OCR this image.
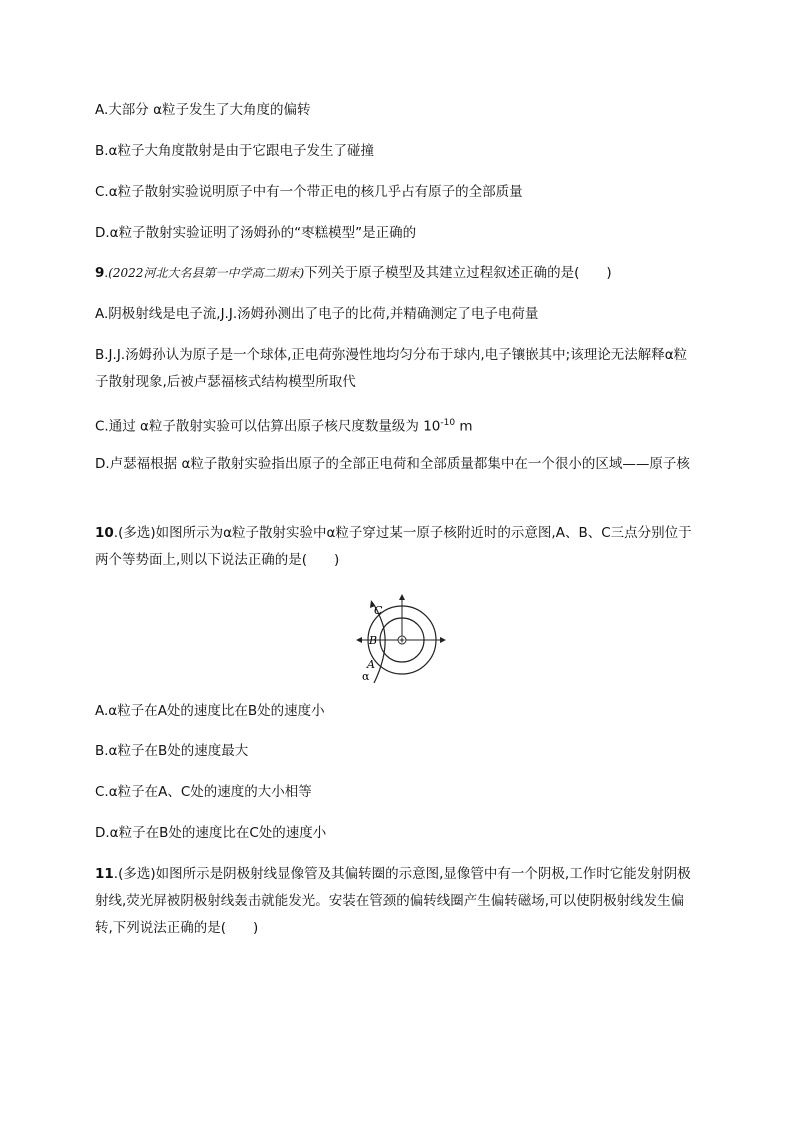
A.大部分 α粒子发生了大角度的偏转
B.α粒子大角度散射是由于它跟电子发生了碰撞
C.α粒子散射实验说明原子中有一个带正电的核几乎占有原子的全部质量
D.α粒子散射实验证明了汤姆孙的“枣糕模型”是正确的
9.(2022河北大名县第一中学高二期末)下列关于原子模型及其建立过程叙述正确的是(　　)
A.阴极射线是电子流,J.J.汤姆孙测出了电子的比荷,并精确测定了电子电荷量
B.J.J.汤姆孙认为原子是一个球体,正电荷弥漫性地均匀分布于球内,电子镶嵌其中;该理论无法解释α粒子散射现象,后被卢瑟福核式结构模型所取代
C.通过 α粒子散射实验可以估算出原子核尺度数量级为 $10^{-10}$ m
D.卢瑟福根据 α粒子散射实验指出原子的全部正电荷和全部质量都集中在一个很小的区域——原子核
10.(多选)如图所示为α粒子散射实验中α粒子穿过某一原子核附近时的示意图,A、B、C三点分别位于两个等势面上,则以下说法正确的是(　　)
C
B
A
α
A.α粒子在A处的速度比在B处的速度小
B.α粒子在B处的速度最大
C.α粒子在A、C处的速度的大小相等
D.α粒子在B处的速度比在C处的速度小
11.(多选)如图所示是阴极射线显像管及其偏转圈的示意图,显像管中有一个阴极,工作时它能发射阴极射线,荧光屏被阴极射线轰击就能发光。安装在管颈的偏转线圈产生偏转磁场,可以使阴极射线发生偏转,下列说法正确的是(　　)
